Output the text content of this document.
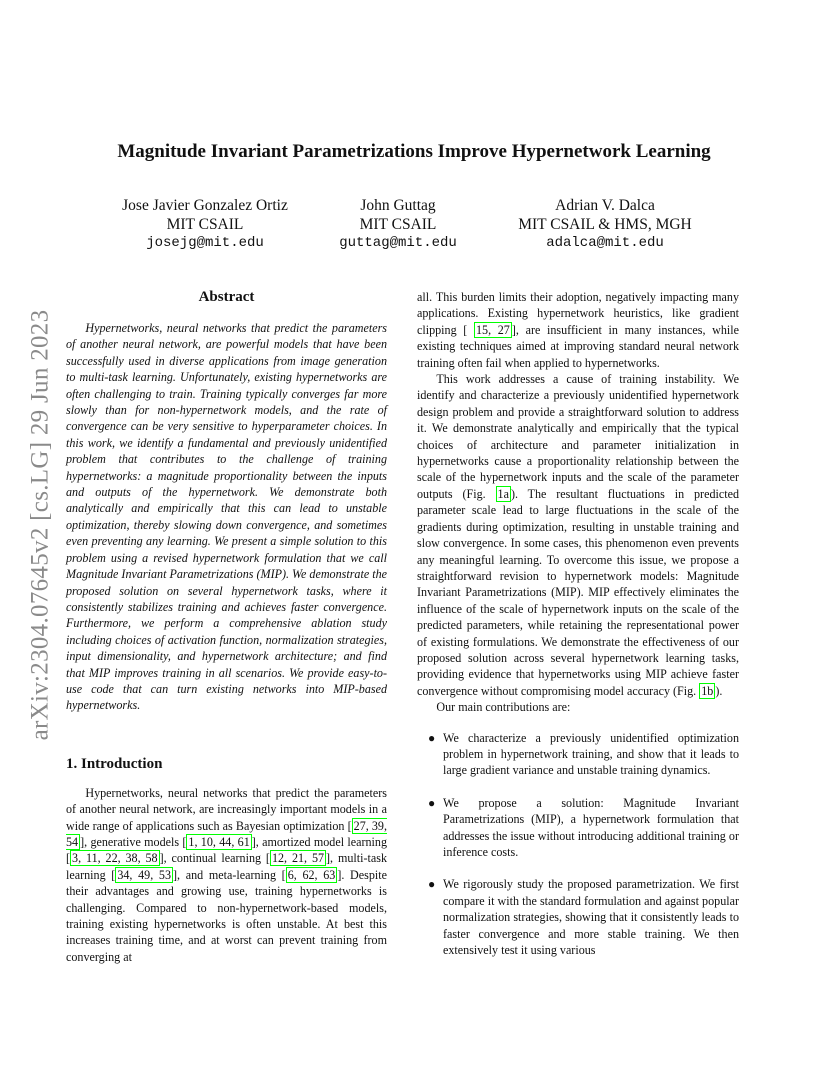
arXiv:2304.07645v2 [cs.LG] 29 Jun 2023
Magnitude Invariant Parametrizations Improve Hypernetwork Learning
Jose Javier Gonzalez Ortiz
MIT CSAIL
josejg@mit.edu
John Guttag
MIT CSAIL
guttag@mit.edu
Adrian V. Dalca
MIT CSAIL & HMS, MGH
adalca@mit.edu
Abstract

Hypernetworks, neural networks that predict the parameters of another neural network, are powerful models that have been successfully used in diverse applications from image generation to multi-task learning. Unfortunately, existing hypernetworks are often challenging to train. Training typically converges far more slowly than for non-hypernetwork models, and the rate of convergence can be very sensitive to hyperparameter choices. In this work, we identify a fundamental and previously unidentified problem that contributes to the challenge of training hypernetworks: a magnitude proportionality between the inputs and outputs of the hypernetwork. We demonstrate both analytically and empirically that this can lead to unstable optimization, thereby slowing down convergence, and sometimes even preventing any learning. We present a simple solution to this problem using a revised hypernetwork formulation that we call Magnitude Invariant Parametrizations (MIP). We demonstrate the proposed solution on several hypernetwork tasks, where it consistently stabilizes training and achieves faster convergence. Furthermore, we perform a comprehensive ablation study including choices of activation function, normalization strategies, input dimensionality, and hypernetwork architecture; and find that MIP improves training in all scenarios. We provide easy-to-use code that can turn existing networks into MIP-based hypernetworks.

1. Introduction

Hypernetworks, neural networks that predict the parameters of another neural network, are increasingly important models in a wide range of applications such as Bayesian optimization [ 27, 39, 54 ], generative models [ 1, 10, 44, 61 ], amortized model learning [ 3, 11, 22, 38, 58 ], continual learning [ 12, 21, 57 ], multi-task learning [ 34, 49, 53 ], and meta-learning [ 6, 62, 63 ]. Despite their advantages and growing use, training hypernetworks is challenging. Compared to non-hypernetwork-based models, training existing hypernetworks is often unstable. At best this increases training time, and at worst can prevent training from converging at

all. This burden limits their adoption, negatively impacting many applications. Existing hypernetwork heuristics, like gradient clipping [ 15, 27 ], are insufficient in many instances, while existing techniques aimed at improving standard neural network training often fail when applied to hypernetworks.

This work addresses a cause of training instability. We identify and characterize a previously unidentified hypernetwork design problem and provide a straightforward solution to address it. We demonstrate analytically and empirically that the typical choices of architecture and parameter initialization in hypernetworks cause a proportionality relationship between the scale of the hypernetwork inputs and the scale of the parameter outputs (Fig. 1a ). The resultant fluctuations in predicted parameter scale lead to large fluctuations in the scale of the gradients during optimization, resulting in unstable training and slow convergence. In some cases, this phenomenon even prevents any meaningful learning. To overcome this issue, we propose a straightforward revision to hypernetwork models: Magnitude Invariant Parametrizations (MIP). MIP effectively eliminates the influence of the scale of hypernetwork inputs on the scale of the predicted parameters, while retaining the representational power of existing formulations. We demonstrate the effectiveness of our proposed solution across several hypernetwork learning tasks, providing evidence that hypernetworks using MIP achieve faster convergence without compromising model accuracy (Fig. 1b ).

Our main contributions are:

● We characterize a previously unidentified optimization problem in hypernetwork training, and show that it leads to large gradient variance and unstable training dynamics.
● We propose a solution: Magnitude Invariant Parametrizations (MIP), a hypernetwork formulation that addresses the issue without introducing additional training or inference costs.
● We rigorously study the proposed parametrization. We first compare it with the standard formulation and against popular normalization strategies, showing that it consistently leads to faster convergence and more stable training. We then extensively test it using various
